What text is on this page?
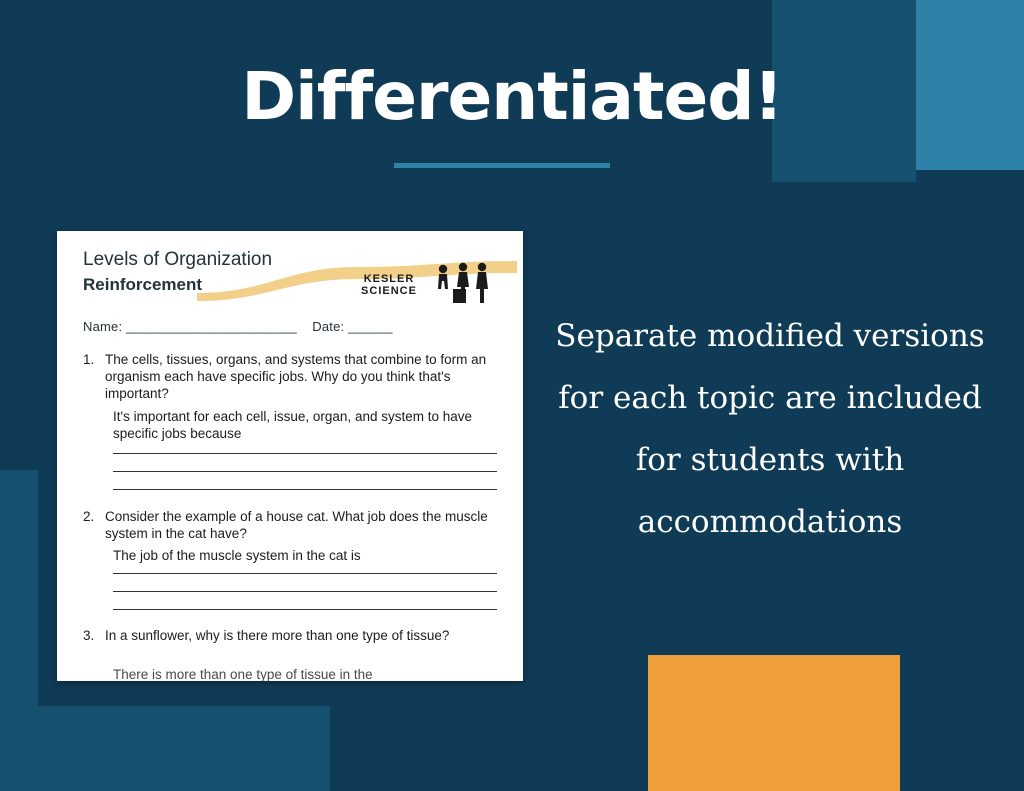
Differentiated!
Separate modified versions for each topic are included for students with accommodations
Levels of Organization
Reinforcement	KESLER
SCIENCE
Name: _______________________ Date: ______
1. The cells, tissues, organs, and systems that combine to form an organism each have specific jobs. Why do you think that's important?
It's important for each cell, issue, organ, and system to have specific jobs because
2. Consider the example of a house cat. What job does the muscle system in the cat have?
The job of the muscle system in the cat is
3. In a sunflower, why is there more than one type of tissue?
There is more than one type of tissue in the
